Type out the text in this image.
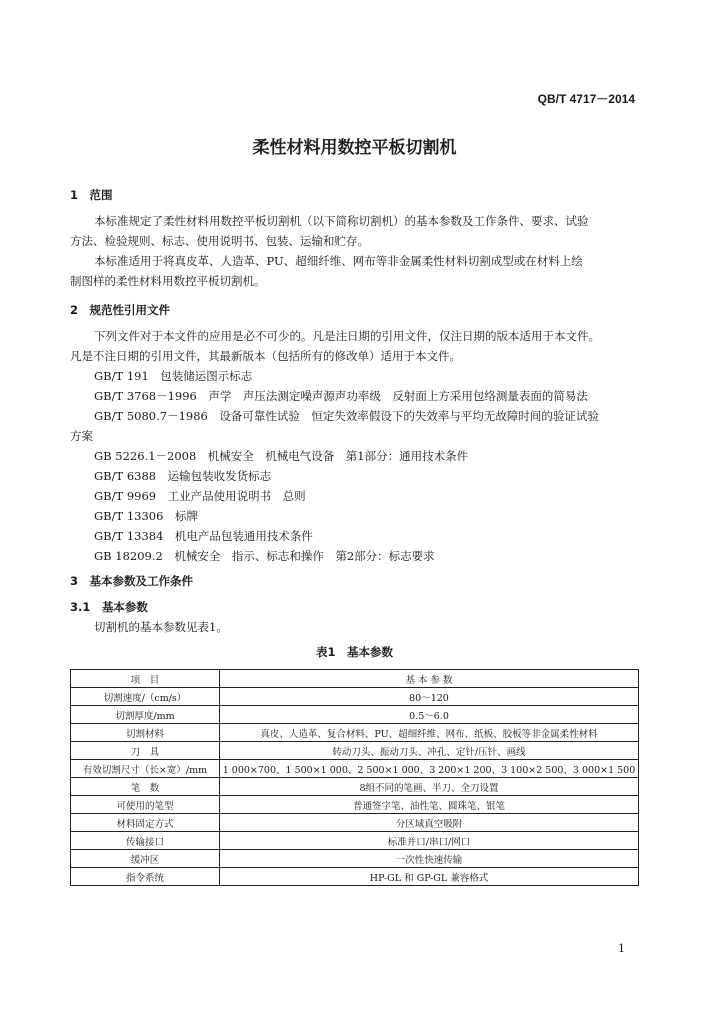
QB/T 4717－2014
柔性材料用数控平板切割机
1　范围
本标准规定了柔性材料用数控平板切割机（以下简称切割机）的基本参数及工作条件、要求、试验
方法、检验规则、标志、使用说明书、包装、运输和贮存。
本标准适用于将真皮革、人造革、PU、超细纤维、网布等非金属柔性材料切割成型或在材料上绘
制图样的柔性材料用数控平板切割机。
2　规范性引用文件
下列文件对于本文件的应用是必不可少的。凡是注日期的引用文件，仅注日期的版本适用于本文件。
凡是不注日期的引用文件，其最新版本（包括所有的修改单）适用于本文件。
GB/T 191　包装储运图示标志
GB/T 3768－1996　声学　声压法测定噪声源声功率级　反射面上方采用包络测量表面的简易法
GB/T 5080.7－1986　设备可靠性试验　恒定失效率假设下的失效率与平均无故障时间的验证试验
方案
GB 5226.1－2008　机械安全　机械电气设备　第1部分：通用技术条件
GB/T 6388　运输包装收发货标志
GB/T 9969　工业产品使用说明书　总则
GB/T 13306　标牌
GB/T 13384　机电产品包装通用技术条件
GB 18209.2　机械安全　指示、标志和操作　第2部分：标志要求
3　基本参数及工作条件
3.1　基本参数
切割机的基本参数见表1。
表1　基本参数
项　目	基 本 参 数
切割速度/（cm/s）	80～120
切割厚度/mm	0.5～6.0
切割材料	真皮、人造革、复合材料、PU、超细纤维、网布、纸板、胶板等非金属柔性材料
刀　具	转动刀头、振动刀头、冲孔、定针/压针、画线
有效切割尺寸（长×宽）/mm	1 000×700、1 500×1 000、2 500×1 000、3 200×1 200、3 100×2 500、3 000×1 500
笔　数	8组不同的笔画、半刀、全刀设置
可使用的笔型	普通签字笔、油性笔、圆珠笔、银笔
材料固定方式	分区域真空吸附
传输接口	标准并口/串口/网口
缓冲区	一次性快速传输
指令系统	HP-GL 和 GP-GL 兼容格式
1
